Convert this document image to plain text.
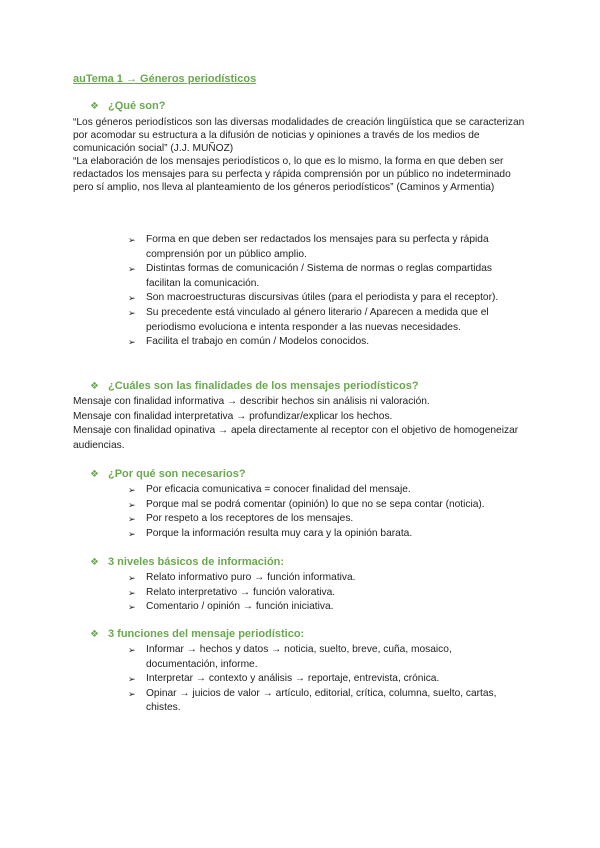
auTema 1 → Géneros periodísticos
❖ ¿Qué son?

“Los géneros periodísticos son las diversas modalidades de creación lingüística que se caracterizan por acomodar su estructura a la difusión de noticias y opiniones a través de los medios de comunicación social” (J.J. MUÑOZ)

“La elaboración de los mensajes periodísticos o, lo que es lo mismo, la forma en que deben ser redactados los mensajes para su perfecta y rápida comprensión por un público no indeterminado pero sí amplio, nos lleva al planteamiento de los géneros periodísticos” (Caminos y Armentia)

➢ Forma en que deben ser redactados los mensajes para su perfecta y rápida comprensión por un público amplio.
➢ Distintas formas de comunicación / Sistema de normas o reglas compartidas facilitan la comunicación.
➢ Son macroestructuras discursivas útiles (para el periodista y para el receptor).
➢ Su precedente está vinculado al género literario / Aparecen a medida que el periodismo evoluciona e intenta responder a las nuevas necesidades.
➢ Facilita el trabajo en común / Modelos conocidos.
❖ ¿Cuáles son las finalidades de los mensajes periodísticos?

Mensaje con finalidad informativa → describir hechos sin análisis ni valoración.

Mensaje con finalidad interpretativa → profundizar/explicar los hechos.

Mensaje con finalidad opinativa → apela directamente al receptor con el objetivo de homogeneizar audiencias.

❖ ¿Por qué son necesarios?
➢ Por eficacia comunicativa = conocer finalidad del mensaje.
➢ Porque mal se podrá comentar (opinión) lo que no se sepa contar (noticia).
➢ Por respeto a los receptores de los mensajes.
➢ Porque la información resulta muy cara y la opinión barata.
❖ 3 niveles básicos de información:
➢ Relato informativo puro → función informativa.
➢ Relato interpretativo → función valorativa.
➢ Comentario / opinión → función iniciativa.
❖ 3 funciones del mensaje periodístico:
➢ Informar → hechos y datos → noticia, suelto, breve, cuña, mosaico, documentación, informe.
➢ Interpretar → contexto y análisis → reportaje, entrevista, crónica.
➢ Opinar → juicios de valor → artículo, editorial, crítica, columna, suelto, cartas, chistes.
